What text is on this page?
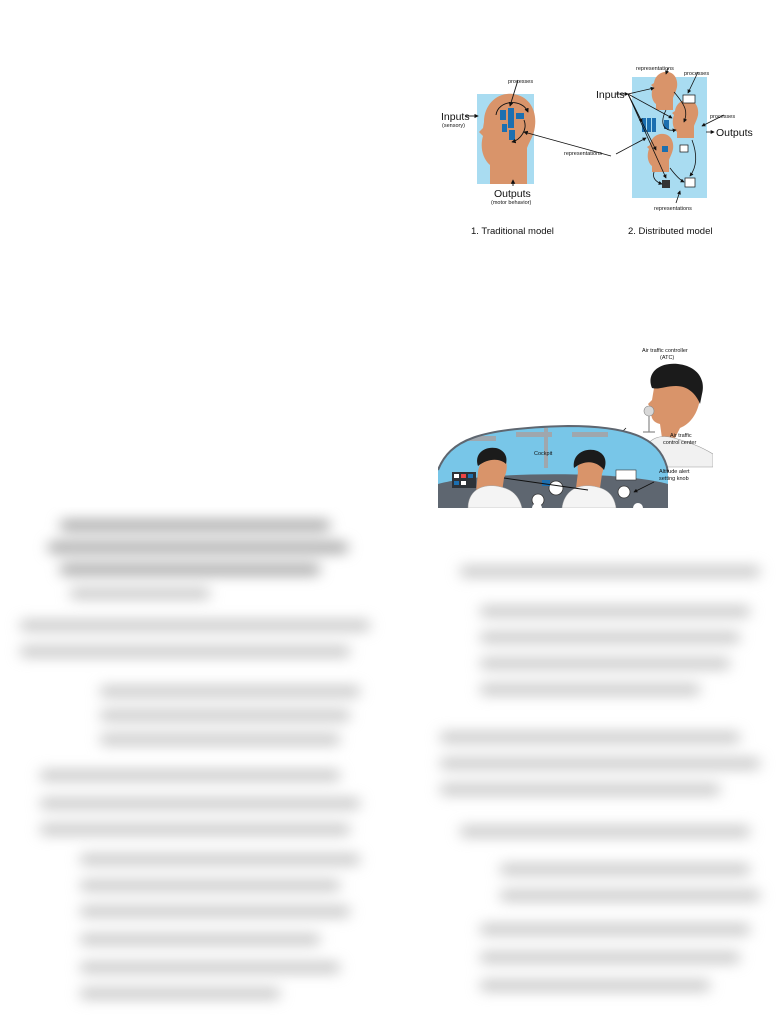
Inputs
(sensory)
processes
representations
Outputs
(motor behavior)
1. Traditional model
representations
processes
Inputs
processes
Outputs
representations
2. Distributed model
Air traffic controller
(ATC)
Air traffic
control center
Cockpit
Altitude alert
setting knob
